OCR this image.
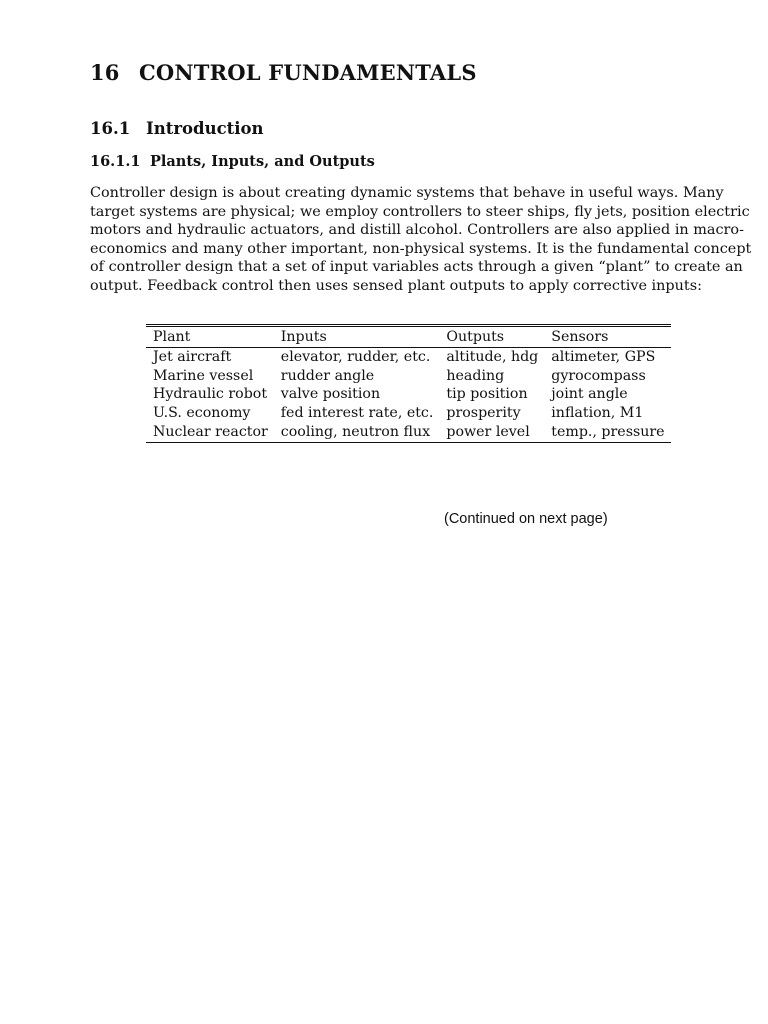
16 CONTROL FUNDAMENTALS
16.1 Introduction
16.1.1 Plants, Inputs, and Outputs
Controller design is about creating dynamic systems that behave in useful ways. Many
target systems are physical; we employ controllers to steer ships, fly jets, position electric
motors and hydraulic actuators, and distill alcohol. Controllers are also applied in macro-
economics and many other important, non-physical systems. It is the fundamental concept
of controller design that a set of input variables acts through a given “plant” to create an
output. Feedback control then uses sensed plant outputs to apply corrective inputs:
Plant	Inputs	Outputs	Sensors
Jet aircraft	elevator, rudder, etc.	altitude, hdg	altimeter, GPS
Marine vessel	rudder angle	heading	gyrocompass
Hydraulic robot	valve position	tip position	joint angle
U.S. economy	fed interest rate, etc.	prosperity	inflation, M1
Nuclear reactor	cooling, neutron flux	power level	temp., pressure
(Continued on next page)
